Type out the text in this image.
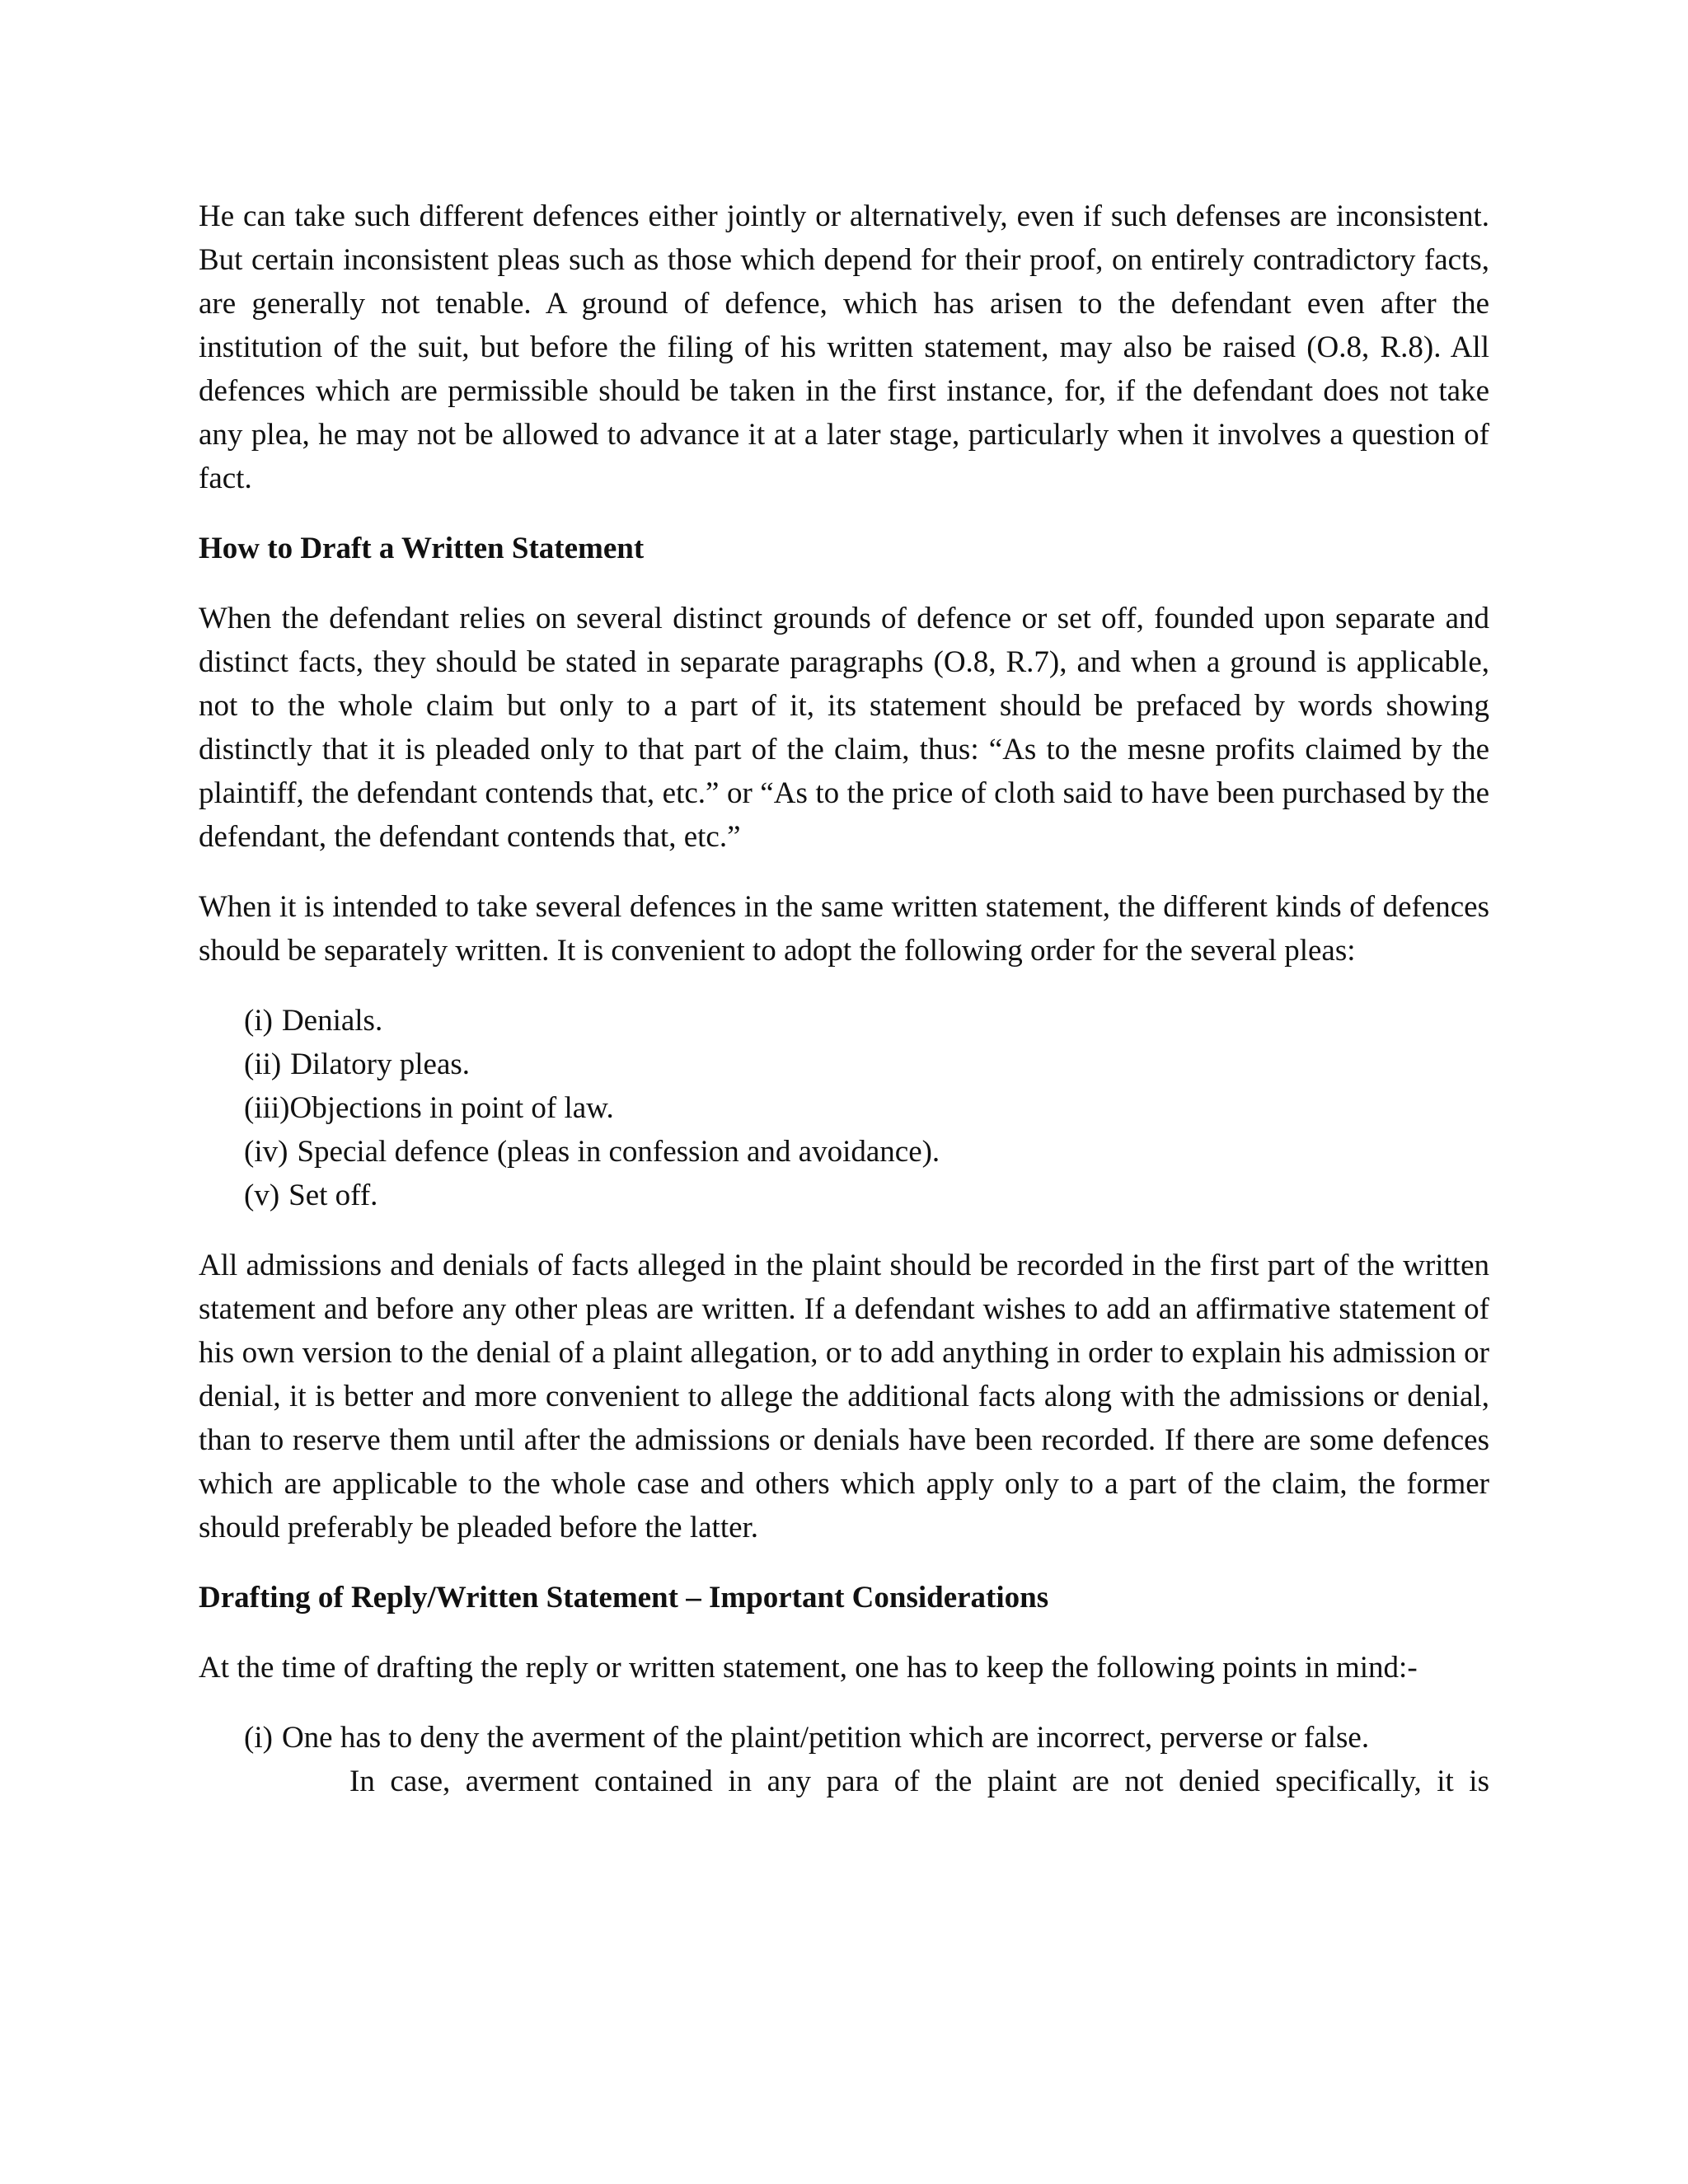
He can take such different defences either jointly or alternatively, even if such defenses are inconsistent. But certain inconsistent pleas such as those which depend for their proof, on entirely contradictory facts, are generally not tenable. A ground of defence, which has arisen to the defendant even after the institution of the suit, but before the filing of his written statement, may also be raised (O.8, R.8). All defences which are permissible should be taken in the first instance, for, if the defendant does not take any plea, he may not be allowed to advance it at a later stage, particularly when it involves a question of fact.

How to Draft a Written Statement

When the defendant relies on several distinct grounds of defence or set off, founded upon separate and distinct facts, they should be stated in separate paragraphs (O.8, R.7), and when a ground is applicable, not to the whole claim but only to a part of it, its statement should be prefaced by words showing distinctly that it is pleaded only to that part of the claim, thus: “As to the mesne profits claimed by the plaintiff, the defendant contends that, etc.” or “As to the price of cloth said to have been purchased by the defendant, the defendant contends that, etc.”

When it is intended to take several defences in the same written statement, the different kinds of defences should be separately written. It is convenient to adopt the following order for the several pleas:

(i) Denials.
(ii) Dilatory pleas.
(iii)Objections in point of law.
(iv) Special defence (pleas in confession and avoidance).
(v) Set off.

All admissions and denials of facts alleged in the plaint should be recorded in the first part of the written statement and before any other pleas are written. If a defendant wishes to add an affirmative statement of his own version to the denial of a plaint allegation, or to add anything in order to explain his admission or denial, it is better and more convenient to allege the additional facts along with the admissions or denial, than to reserve them until after the admissions or denials have been recorded. If there are some defences which are applicable to the whole case and others which apply only to a part of the claim, the former should preferably be pleaded before the latter.

Drafting of Reply/Written Statement – Important Considerations

At the time of drafting the reply or written statement, one has to keep the following points in mind:-

(i) One has to deny the averment of the plaint/petition which are incorrect, perverse or false.
In case, averment contained in any para of the plaint are not denied specifically, it is
